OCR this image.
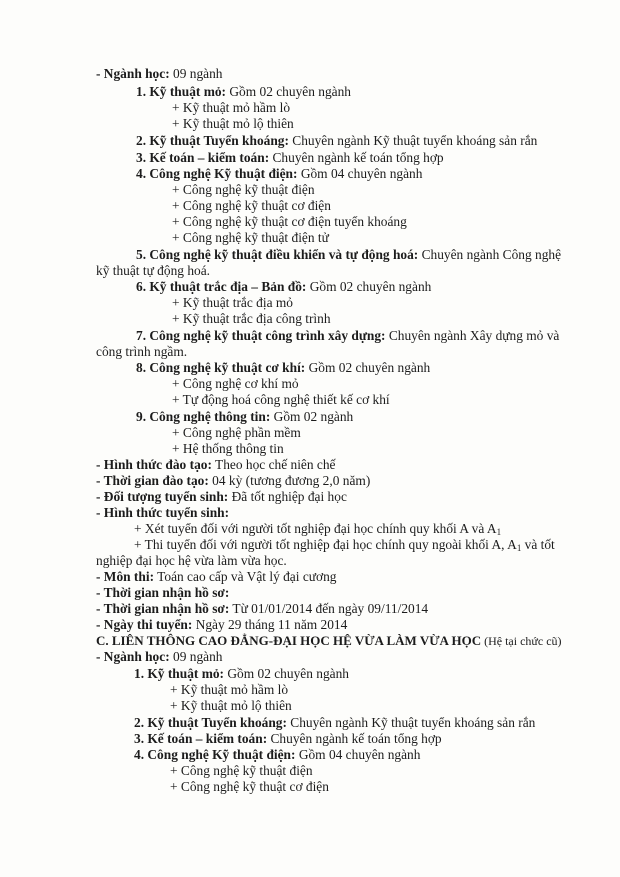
- Ngành học: 09 ngành
1. Kỹ thuật mỏ: Gồm 02 chuyên ngành
+ Kỹ thuật mỏ hầm lò
+ Kỹ thuật mỏ lộ thiên
2. Kỹ thuật Tuyển khoáng: Chuyên ngành Kỹ thuật tuyển khoáng sản rắn
3. Kế toán – kiểm toán: Chuyên ngành kế toán tổng hợp
4. Công nghệ Kỹ thuật điện: Gồm 04 chuyên ngành
+ Công nghệ kỹ thuật điện
+ Công nghệ kỹ thuật cơ điện
+ Công nghệ kỹ thuật cơ điện tuyển khoáng
+ Công nghệ kỹ thuật điện tử
5. Công nghệ kỹ thuật điều khiển và tự động hoá: Chuyên ngành Công nghệ
kỹ thuật tự động hoá.
6. Kỹ thuật trắc địa – Bản đồ: Gồm 02 chuyên ngành
+ Kỹ thuật trắc địa mỏ
+ Kỹ thuật trắc địa công trình
7. Công nghệ kỹ thuật công trình xây dựng: Chuyên ngành Xây dựng mỏ và
công trình ngầm.
8. Công nghệ kỹ thuật cơ khí: Gồm 02 chuyên ngành
+ Công nghệ cơ khí mỏ
+ Tự động hoá công nghệ thiết kế cơ khí
9. Công nghệ thông tin: Gồm 02 ngành
+ Công nghệ phần mềm
+ Hệ thống thông tin
- Hình thức đào tạo: Theo học chế niên chế
- Thời gian đào tạo: 04 kỳ (tương đương 2,0 năm)
- Đối tượng tuyển sinh: Đã tốt nghiệp đại học
- Hình thức tuyển sinh:
+ Xét tuyển đối với người tốt nghiệp đại học chính quy khối A và $A_1$
+ Thi tuyển đối với người tốt nghiệp đại học chính quy ngoài khối A, $A_1$ và tốt
nghiệp đại học hệ vừa làm vừa học.
- Môn thi: Toán cao cấp và Vật lý đại cương
- Thời gian nhận hồ sơ:
- Thời gian nhận hồ sơ: Từ 01/01/2014 đến ngày 09/11/2014
- Ngày thi tuyển: Ngày 29 tháng 11 năm 2014
C. LIÊN THÔNG CAO ĐẲNG-ĐẠI HỌC HỆ VỪA LÀM VỪA HỌC (Hệ tại chức cũ)
- Ngành học: 09 ngành
1. Kỹ thuật mỏ: Gồm 02 chuyên ngành
+ Kỹ thuật mỏ hầm lò
+ Kỹ thuật mỏ lộ thiên
2. Kỹ thuật Tuyển khoáng: Chuyên ngành Kỹ thuật tuyển khoáng sản rắn
3. Kế toán – kiểm toán: Chuyên ngành kế toán tổng hợp
4. Công nghệ Kỹ thuật điện: Gồm 04 chuyên ngành
+ Công nghệ kỹ thuật điện
+ Công nghệ kỹ thuật cơ điện
